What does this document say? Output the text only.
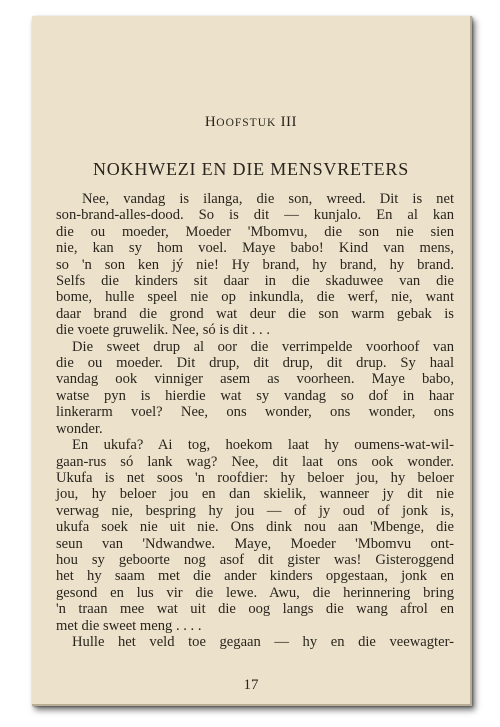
HOOFSTUK III
NOKHWEZI EN DIE MENSVRETERS
Nee, vandag is ilanga, die son, wreed. Dit is net
son-brand-alles-dood. So is dit — kunjalo. En al kan
die ou moeder, Moeder 'Mbomvu, die son nie sien
nie, kan sy hom voel. Maye babo! Kind van mens,
so 'n son ken jý nie! Hy brand, hy brand, hy brand.
Selfs die kinders sit daar in die skaduwee van die
bome, hulle speel nie op inkundla, die werf, nie, want
daar brand die grond wat deur die son warm gebak is
die voete gruwelik. Nee, só is dit . . .
Die sweet drup al oor die verrimpelde voorhoof van
die ou moeder. Dit drup, dit drup, dit drup. Sy haal
vandag ook vinniger asem as voorheen. Maye babo,
watse pyn is hierdie wat sy vandag so dof in haar
linkerarm voel? Nee, ons wonder, ons wonder, ons
wonder.
En ukufa? Ai tog, hoekom laat hy oumens-wat-wil-
gaan-rus só lank wag? Nee, dit laat ons ook wonder.
Ukufa is net soos 'n roofdier: hy beloer jou, hy beloer
jou, hy beloer jou en dan skielik, wanneer jy dit nie
verwag nie, bespring hy jou — of jy oud of jonk is,
ukufa soek nie uit nie. Ons dink nou aan 'Mbenge, die
seun van 'Ndwandwe. Maye, Moeder 'Mbomvu ont-
hou sy geboorte nog asof dit gister was! Gisteroggend
het hy saam met die ander kinders opgestaan, jonk en
gesond en lus vir die lewe. Awu, die herinnering bring
'n traan mee wat uit die oog langs die wang afrol en
met die sweet meng . . . .
Hulle het veld toe gegaan — hy en die veewagter-
17
